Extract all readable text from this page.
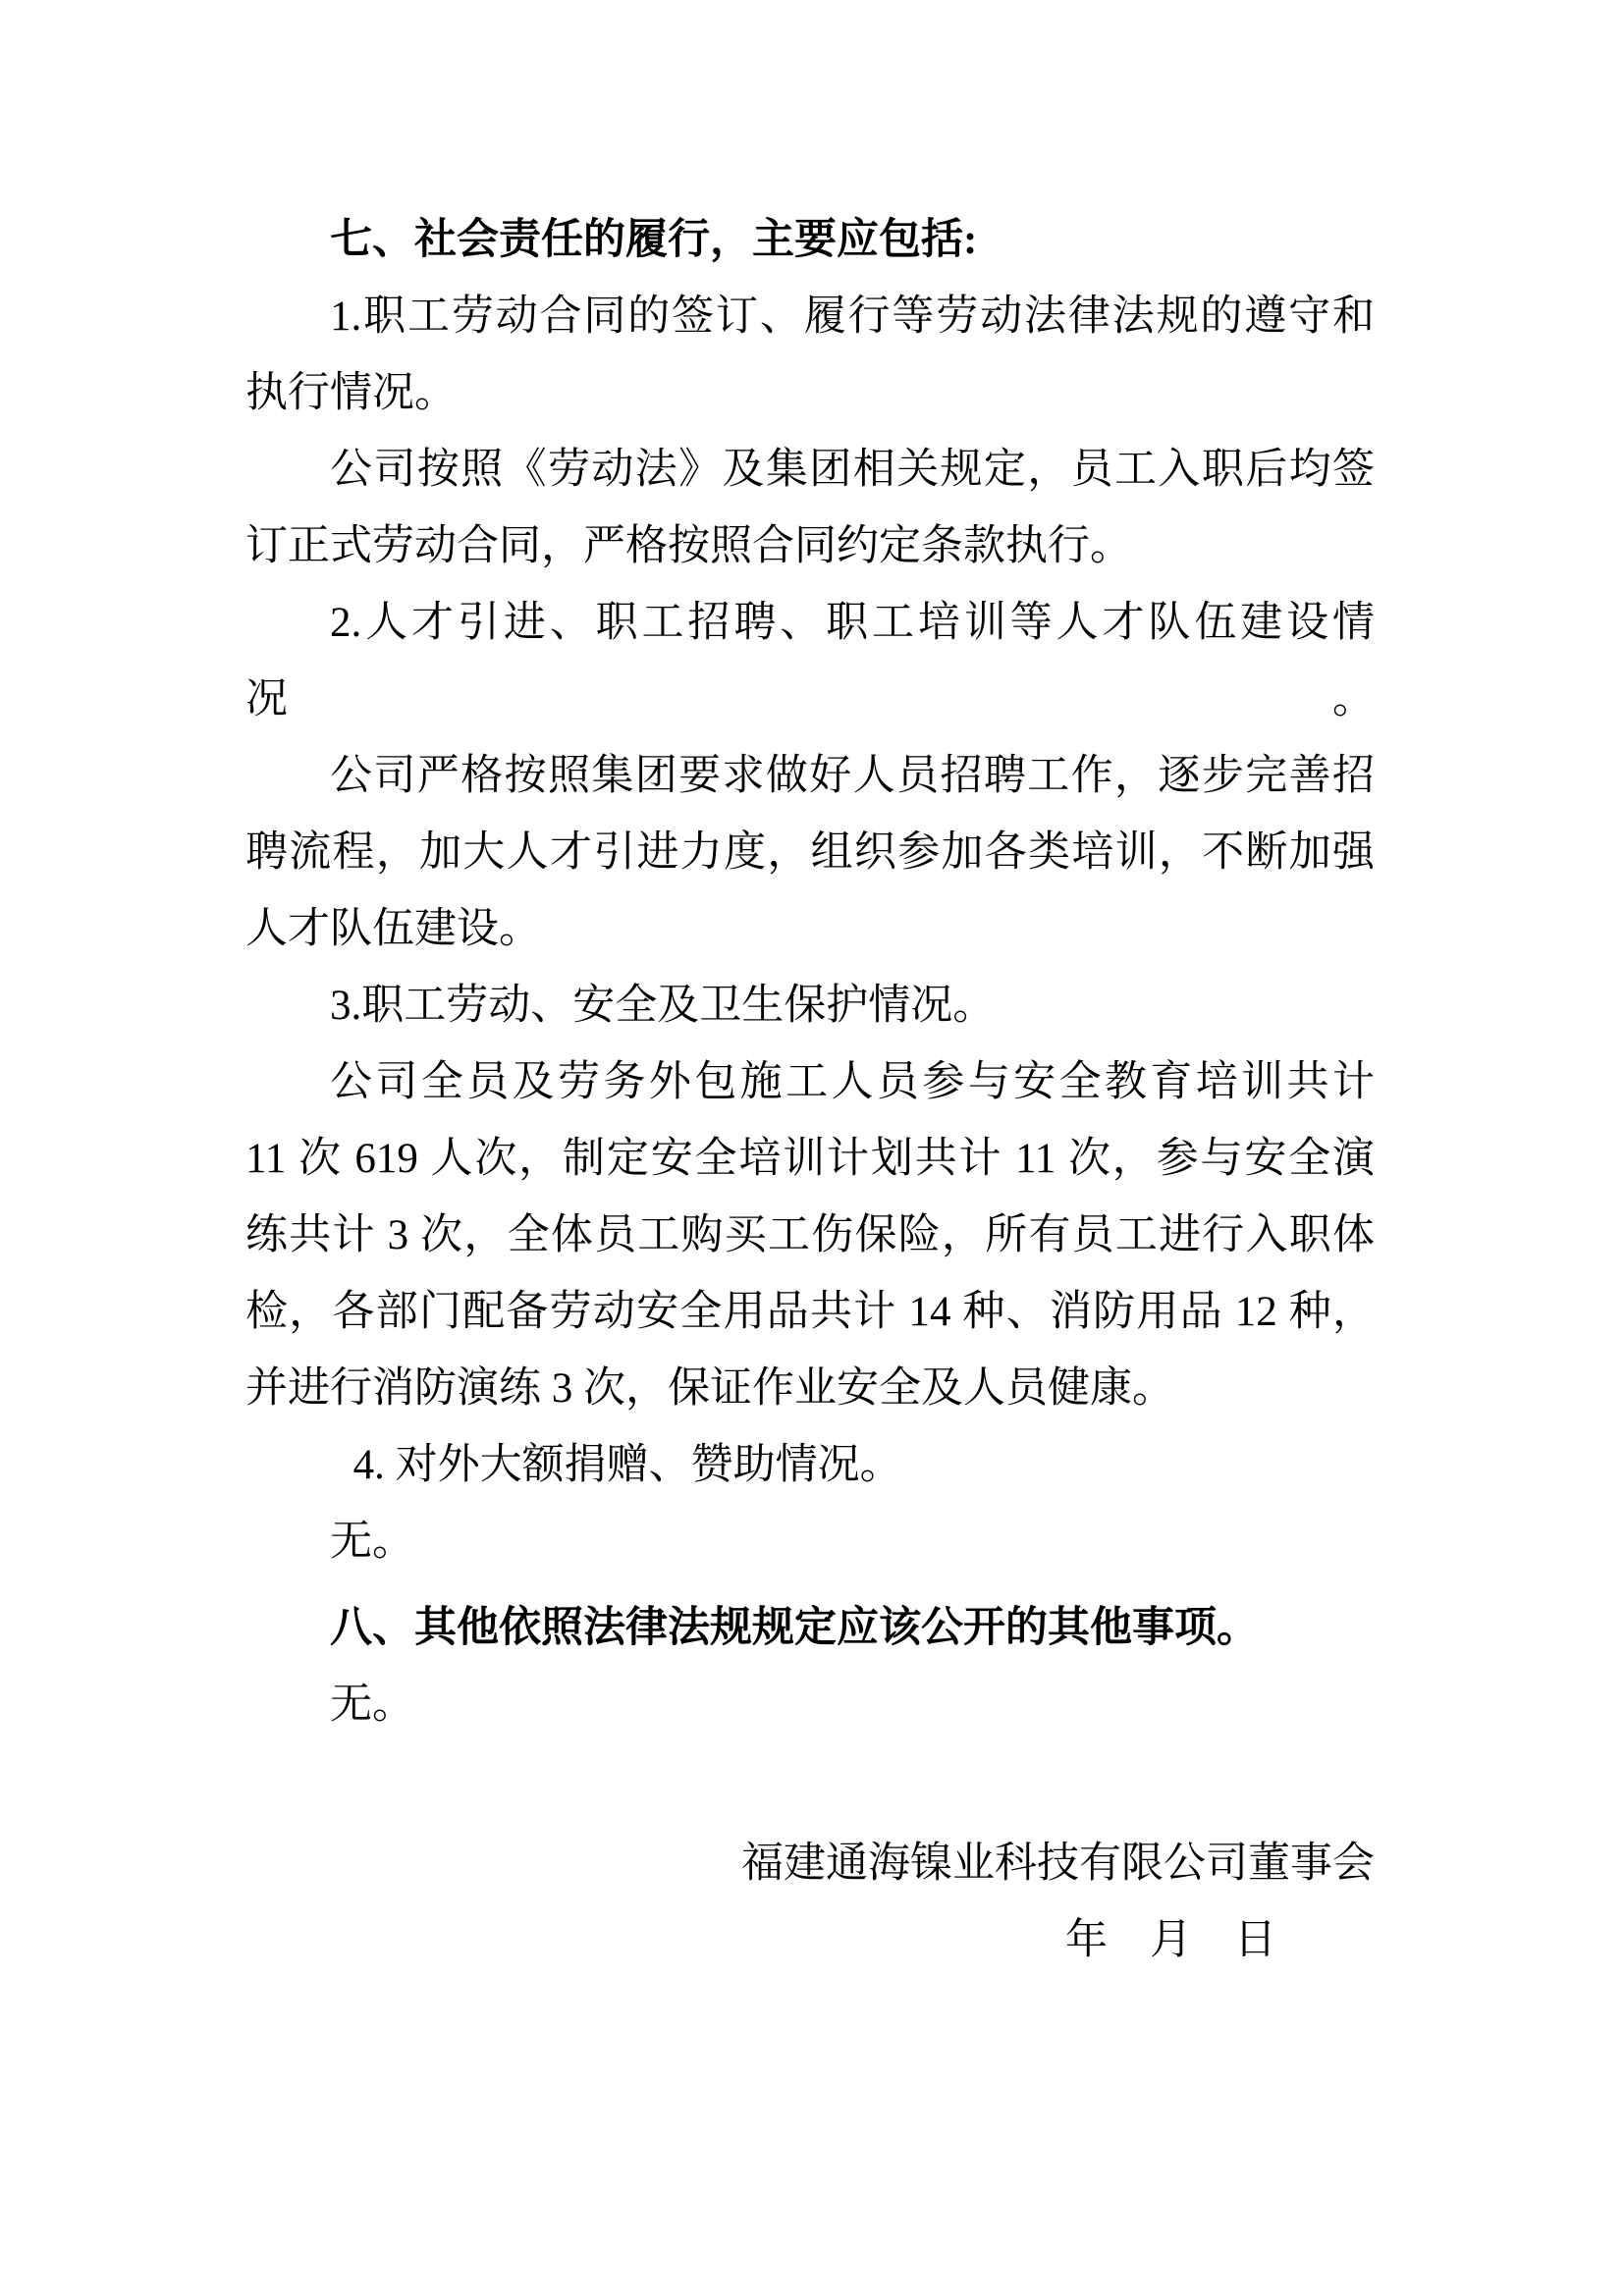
七、社会责任的履行，主要应包括:
1.职工劳动合同的签订、履行等劳动法律法规的遵守和
执行情况。
公司按照《劳动法》及集团相关规定，员工入职后均签
订正式劳动合同，严格按照合同约定条款执行。
2.人才引进、职工招聘、职工培训等人才队伍建设情况。
公司严格按照集团要求做好人员招聘工作，逐步完善招
聘流程，加大人才引进力度，组织参加各类培训，不断加强
人才队伍建设。
3.职工劳动、安全及卫生保护情况。
公司全员及劳务外包施工人员参与安全教育培训共计
11 次 619 人次，制定安全培训计划共计 11 次，参与安全演
练共计 3 次，全体员工购买工伤保险，所有员工进行入职体
检，各部门配备劳动安全用品共计 14 种、消防用品 12 种，
并进行消防演练 3 次，保证作业安全及人员健康。
4. 对外大额捐赠、赞助情况。
无。
八、其他依照法律法规规定应该公开的其他事项。
无。
福建通海镍业科技有限公司董事会
年　月　日
